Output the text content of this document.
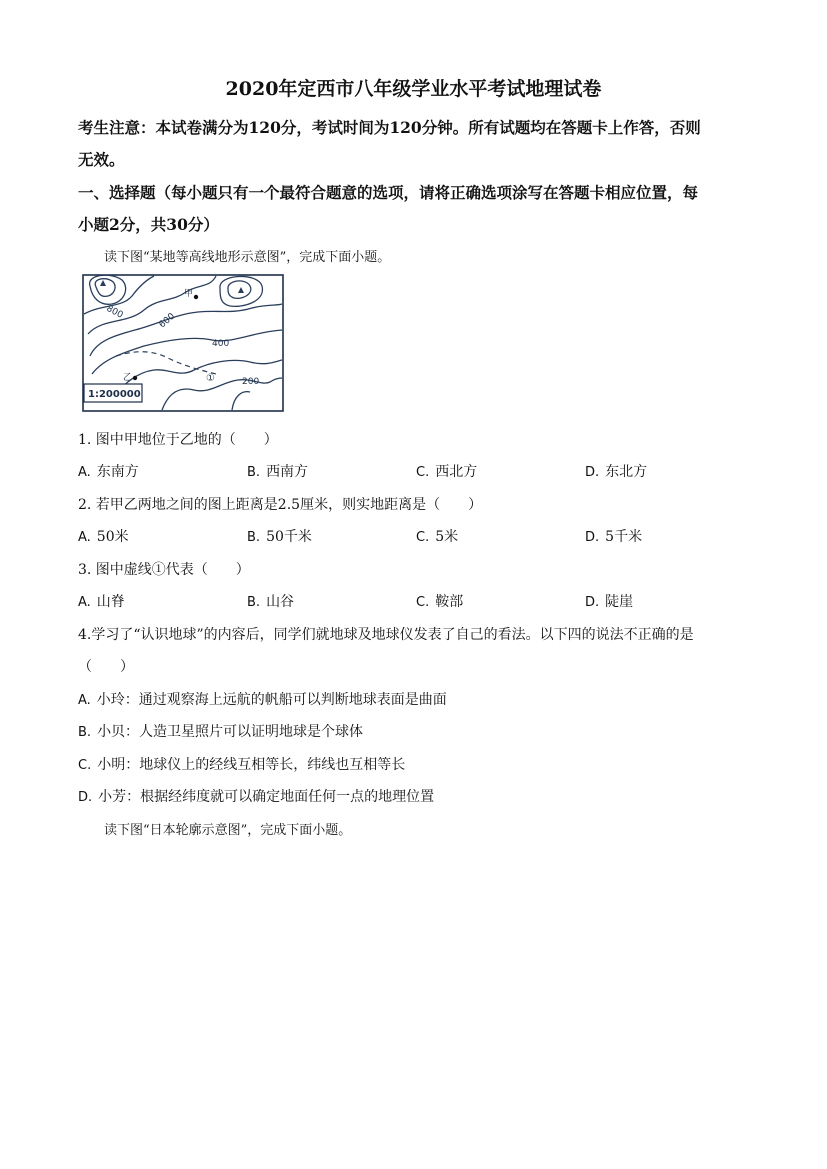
2020年定西市八年级学业水平考试地理试卷
考生注意：本试卷满分为120分，考试时间为120分钟。所有试题均在答题卡上作答，否则
无效。
一、选择题（每小题只有一个最符合题意的选项，请将正确选项涂写在答题卡相应位置，每
小题2分，共30分）
读下图“某地等高线地形示意图”，完成下面小题。
800	600
400
200
甲
乙	①
1:200000
1. 图中甲地位于乙地的（　　）
A. 东南方	B. 西南方	C. 西北方	D. 东北方
2. 若甲乙两地之间的图上距离是2.5厘米，则实地距离是（　　）
A. 50米	B. 50千米	C. 5米	D. 5千米
3. 图中虚线①代表（　　）
A. 山脊	B. 山谷	C. 鞍部	D. 陡崖
4.学习了“认识地球”的内容后，同学们就地球及地球仪发表了自己的看法。以下四的说法不正确的是
（　　）
A. 小玲：通过观察海上远航的帆船可以判断地球表面是曲面
B. 小贝：人造卫星照片可以证明地球是个球体
C. 小明：地球仪上的经线互相等长，纬线也互相等长
D. 小芳：根据经纬度就可以确定地面任何一点的地理位置
读下图“日本轮廓示意图”，完成下面小题。
